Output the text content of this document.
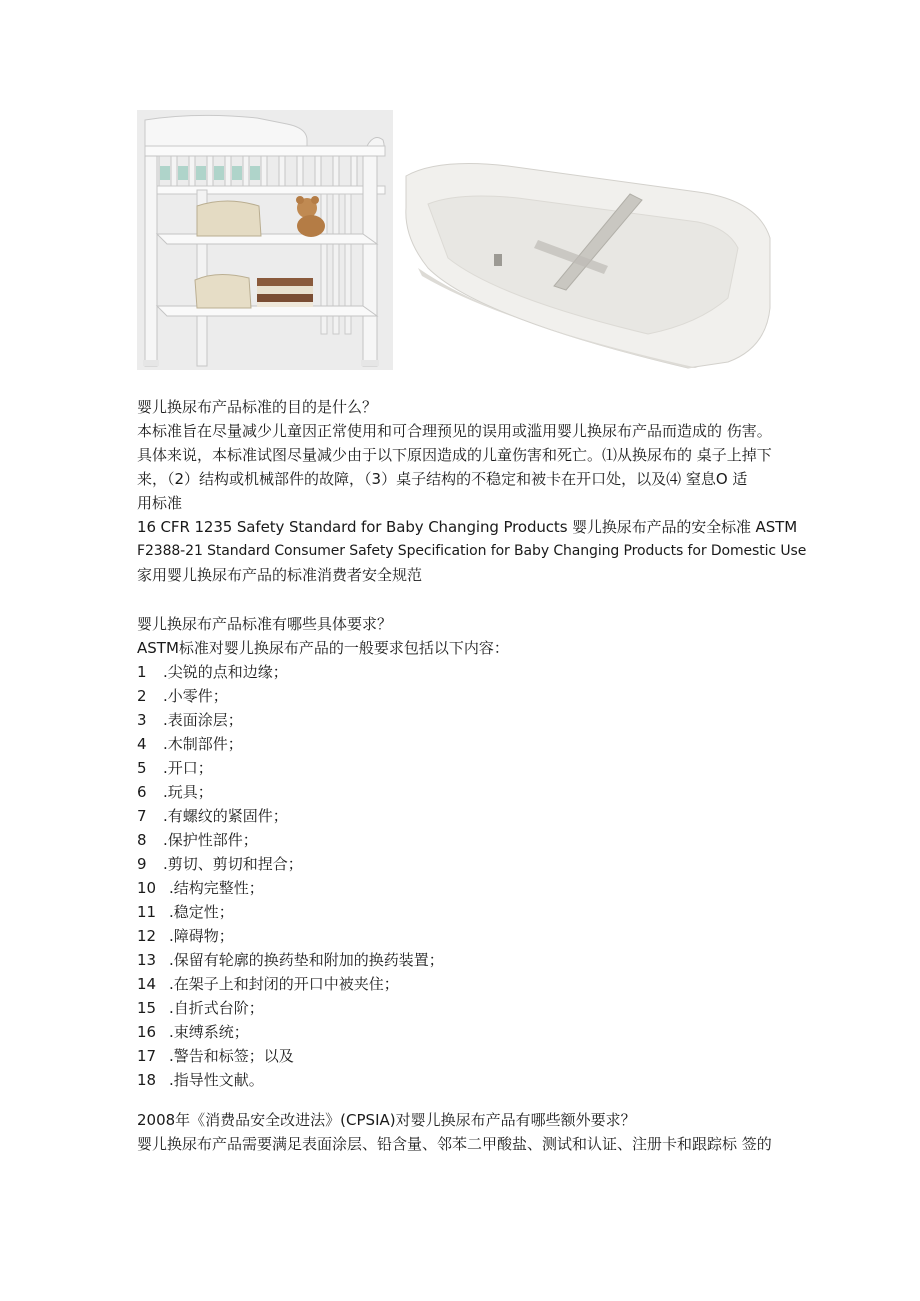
婴儿换尿布产品标准的目的是什么？
本标准旨在尽量减少儿童因正常使用和可合理预见的误用或滥用婴儿换尿布产品而造成的 伤害。
具体来说，本标准试图尽量减少由于以下原因造成的儿童伤害和死亡。⑴从换尿布的 桌子上掉下
来，（2）结构或机械部件的故障，（3）桌子结构的不稳定和被卡在开口处，以及⑷ 窒息O 适
用标准
16 CFR 1235 Safety Standard for Baby Changing Products 婴儿换尿布产品的安全标准 ASTM
F2388-21 Standard Consumer Safety Specification for Baby Changing Products for Domestic Use
家用婴儿换尿布产品的标准消费者安全规范
婴儿换尿布产品标准有哪些具体要求？
ASTM标准对婴儿换尿布产品的一般要求包括以下内容：
1 .尖锐的点和边缘；
2 .小零件；
3 .表面涂层；
4 .木制部件；
5 .开口；
6 .玩具；
7 .有螺纹的紧固件；
8 .保护性部件；
9 .剪切、剪切和捏合；
10 .结构完整性；
11 .稳定性；
12 .障碍物；
13 .保留有轮廓的换药垫和附加的换药装置；
14 .在架子上和封闭的开口中被夹住；
15 .自折式台阶；
16 .束缚系统；
17 .警告和标签；以及
18 .指导性文献。
2008年《消费品安全改进法》(CPSIA)对婴儿换尿布产品有哪些额外要求？
婴儿换尿布产品需要满足表面涂层、铅含量、邻苯二甲酸盐、测试和认证、注册卡和跟踪标 签的
